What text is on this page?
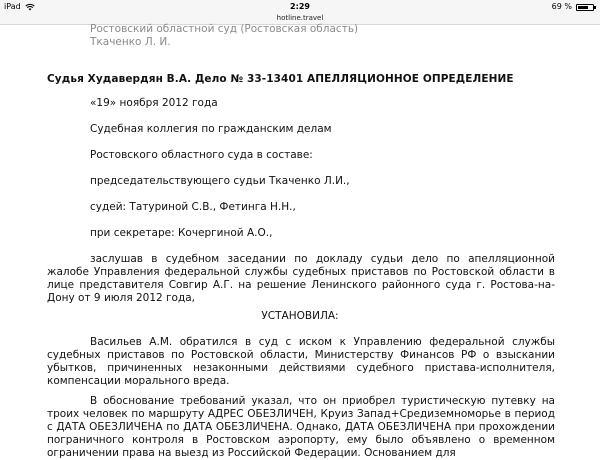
iPad	2:29	69 %
hotline.travel
Ростовский областной суд (Ростовская область)
Ткаченко Л. И.
Судья Худавердян В.А. Дело № 33-13401 АПЕЛЛЯЦИОННОЕ ОПРЕДЕЛЕНИЕ
«19» ноября 2012 года
Судебная коллегия по гражданским делам
Ростовского областного суда в составе:
председательствующего судьи Ткаченко Л.И.,
судей: Татуриной С.В., Фетинга Н.Н.,
при секретаре: Кочергиной А.О.,
заслушав в судебном заседании по докладу судьи дело по апелляционной жалобе Управления федеральной службы судебных приставов по Ростовской области в лице представителя Совгир А.Г. на решение Ленинского районного суда г. Ростова-на-Дону от 9 июля 2012 года,
УСТАНОВИЛА:
Васильев А.М. обратился в суд с иском к Управлению федеральной службы судебных приставов по Ростовской области, Министерству Финансов РФ о взыскании убытков, причиненных незаконными действиями судебного пристава-исполнителя, компенсации морального вреда.
В обоснование требований указал, что он приобрел туристическую путевку на троих человек по маршруту АДРЕС ОБЕЗЛИЧЕН, Круиз Запад+Средиземноморье в период с ДАТА ОБЕЗЛИЧЕНА по ДАТА ОБЕЗЛИЧЕНА. Однако, ДАТА ОБЕЗЛИЧЕНА при прохождении пограничного контроля в Ростовском аэропорту, ему было объявлено о временном ограничении права на выезд из Российской Федерации. Основанием для
